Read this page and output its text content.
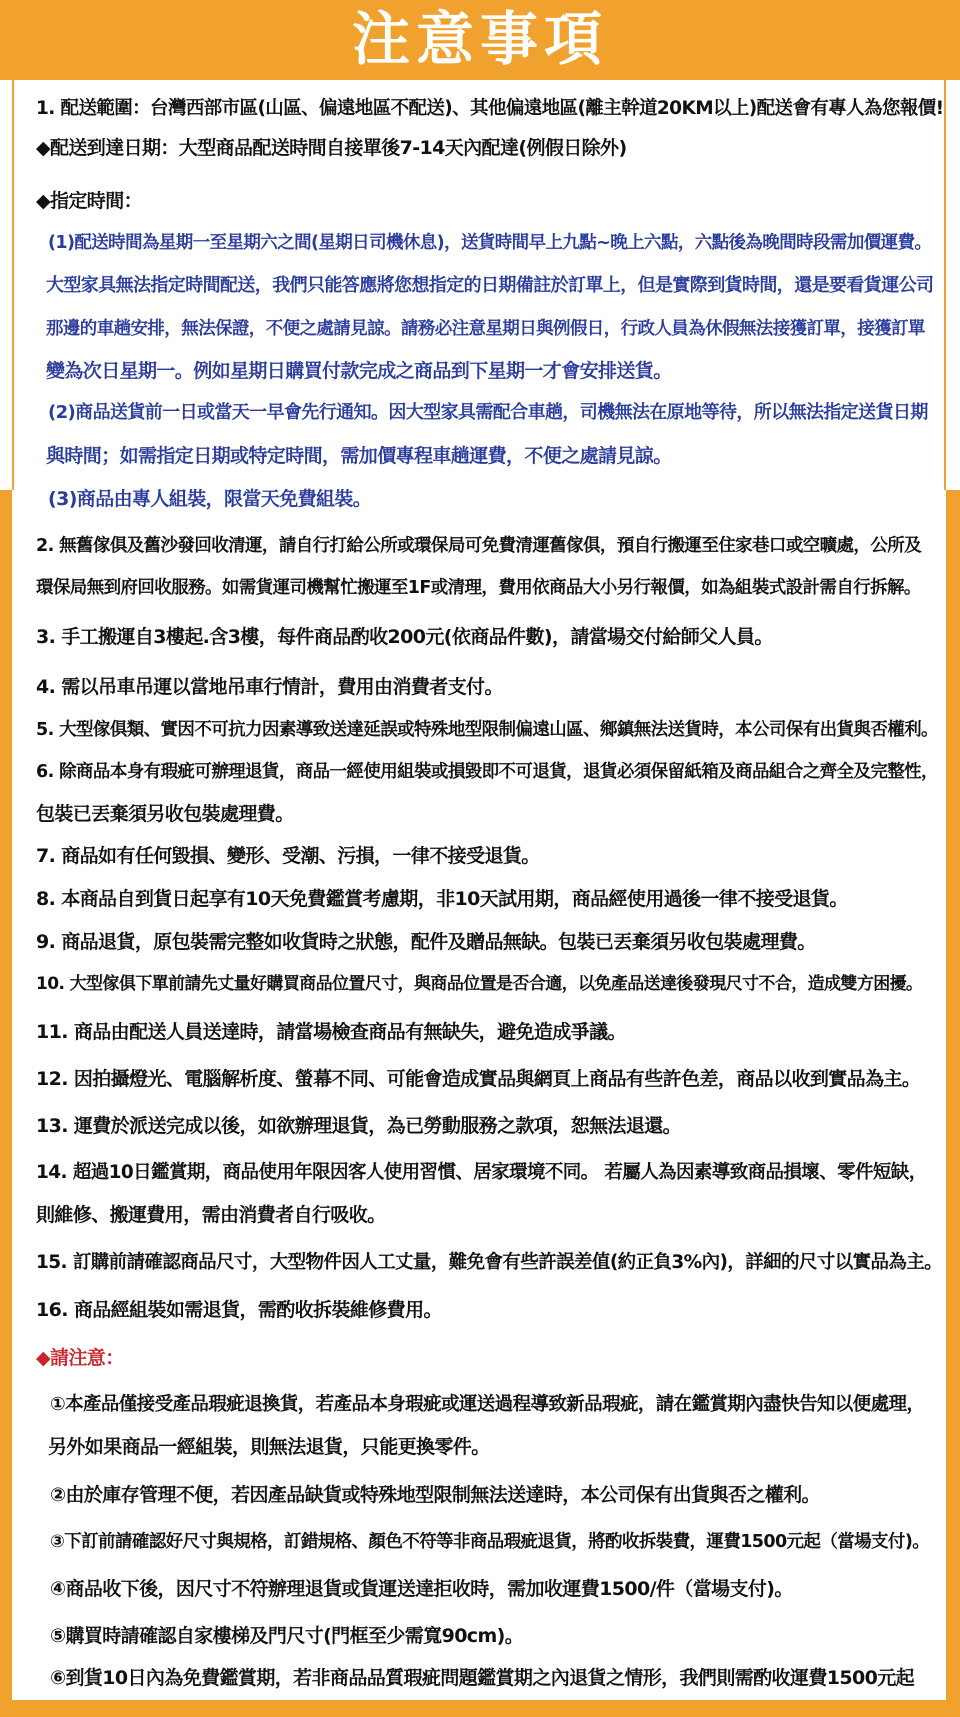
注意事項
1. 配送範圍：台灣西部市區(山區、偏遠地區不配送)、其他偏遠地區(離主幹道20KM以上)配送會有專人為您報價!
◆配送到達日期：大型商品配送時間自接單後7-14天內配達(例假日除外)
◆指定時間：
(1)配送時間為星期一至星期六之間(星期日司機休息)，送貨時間早上九點~晚上六點，六點後為晚間時段需加價運費。
大型家具無法指定時間配送，我們只能答應將您想指定的日期備註於訂單上，但是實際到貨時間，還是要看貨運公司
那邊的車趟安排，無法保證，不便之處請見諒。請務必注意星期日與例假日，行政人員為休假無法接獲訂單，接獲訂單
變為次日星期一。例如星期日購買付款完成之商品到下星期一才會安排送貨。
(2)商品送貨前一日或當天一早會先行通知。因大型家具需配合車趟，司機無法在原地等待，所以無法指定送貨日期
與時間；如需指定日期或特定時間，需加價專程車趟運費，不便之處請見諒。
(3)商品由專人組裝，限當天免費組裝。
2. 無舊傢俱及舊沙發回收清運，請自行打給公所或環保局可免費清運舊傢俱，預自行搬運至住家巷口或空曠處，公所及
環保局無到府回收服務。如需貨運司機幫忙搬運至1F或清理，費用依商品大小另行報價，如為組裝式設計需自行拆解。
3. 手工搬運自3樓起.含3樓，每件商品酌收200元(依商品件數)，請當場交付給師父人員。
4. 需以吊車吊運以當地吊車行情計，費用由消費者支付。
5. 大型傢俱類、實因不可抗力因素導致送達延誤或特殊地型限制偏遠山區、鄉鎮無法送貨時，本公司保有出貨與否權利。
6. 除商品本身有瑕疵可辦理退貨，商品一經使用組裝或損毀即不可退貨，退貨必須保留紙箱及商品組合之齊全及完整性，
包裝已丟棄須另收包裝處理費。
7. 商品如有任何毀損、變形、受潮、污損，一律不接受退貨。
8. 本商品自到貨日起享有10天免費鑑賞考慮期，非10天試用期，商品經使用過後一律不接受退貨。
9. 商品退貨，原包裝需完整如收貨時之狀態，配件及贈品無缺。包裝已丟棄須另收包裝處理費。
10. 大型傢俱下單前請先丈量好購買商品位置尺寸，與商品位置是否合適，以免產品送達後發現尺寸不合，造成雙方困擾。
11. 商品由配送人員送達時，請當場檢查商品有無缺失，避免造成爭議。
12. 因拍攝燈光、電腦解析度、螢幕不同、可能會造成實品與網頁上商品有些許色差，商品以收到實品為主。
13. 運費於派送完成以後，如欲辦理退貨，為已勞動服務之款項，恕無法退還。
14. 超過10日鑑賞期，商品使用年限因客人使用習慣、居家環境不同。 若屬人為因素導致商品損壞、零件短缺，
則維修、搬運費用，需由消費者自行吸收。
15. 訂購前請確認商品尺寸，大型物件因人工丈量，難免會有些許誤差值(約正負3%內)，詳細的尺寸以實品為主。
16. 商品經組裝如需退貨，需酌收拆裝維修費用。
◆請注意：
①本產品僅接受產品瑕疵退換貨，若產品本身瑕疵或運送過程導致新品瑕疵，請在鑑賞期內盡快告知以便處理，
另外如果商品一經組裝，則無法退貨，只能更換零件。
②由於庫存管理不便，若因產品缺貨或特殊地型限制無法送達時，本公司保有出貨與否之權利。
③下訂前請確認好尺寸與規格，訂錯規格、顏色不符等非商品瑕疵退貨，將酌收拆裝費，運費1500元起（當場支付)。
④商品收下後，因尺寸不符辦理退貨或貨運送達拒收時，需加收運費1500/件（當場支付)。
⑤購買時請確認自家樓梯及門尺寸(門框至少需寬90cm)。
⑥到貨10日內為免費鑑賞期，若非商品品質瑕疵問題鑑賞期之內退貨之情形，我們則需酌收運費1500元起
